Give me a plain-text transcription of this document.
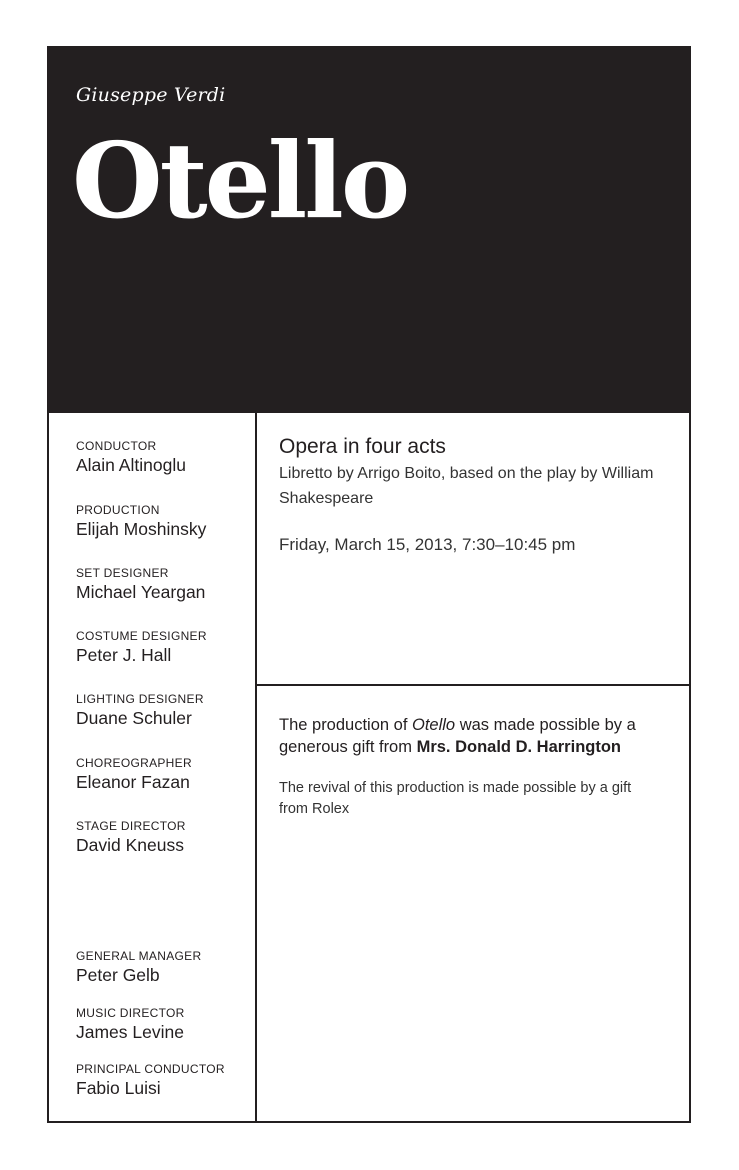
Giuseppe Verdi
Otello
CONDUCTOR
Alain Altinoglu
PRODUCTION
Elijah Moshinsky
SET DESIGNER
Michael Yeargan
COSTUME DESIGNER
Peter J. Hall
LIGHTING DESIGNER
Duane Schuler
CHOREOGRAPHER
Eleanor Fazan
STAGE DIRECTOR
David Kneuss
GENERAL MANAGER
Peter Gelb
MUSIC DIRECTOR
James Levine
PRINCIPAL CONDUCTOR
Fabio Luisi
Opera in four acts
Libretto by Arrigo Boito, based on the play by William Shakespeare
Friday, March 15, 2013, 7:30–10:45 pm
The production of Otello was made possible by a generous gift from Mrs. Donald D. Harrington
The revival of this production is made possible by a gift from Rolex
